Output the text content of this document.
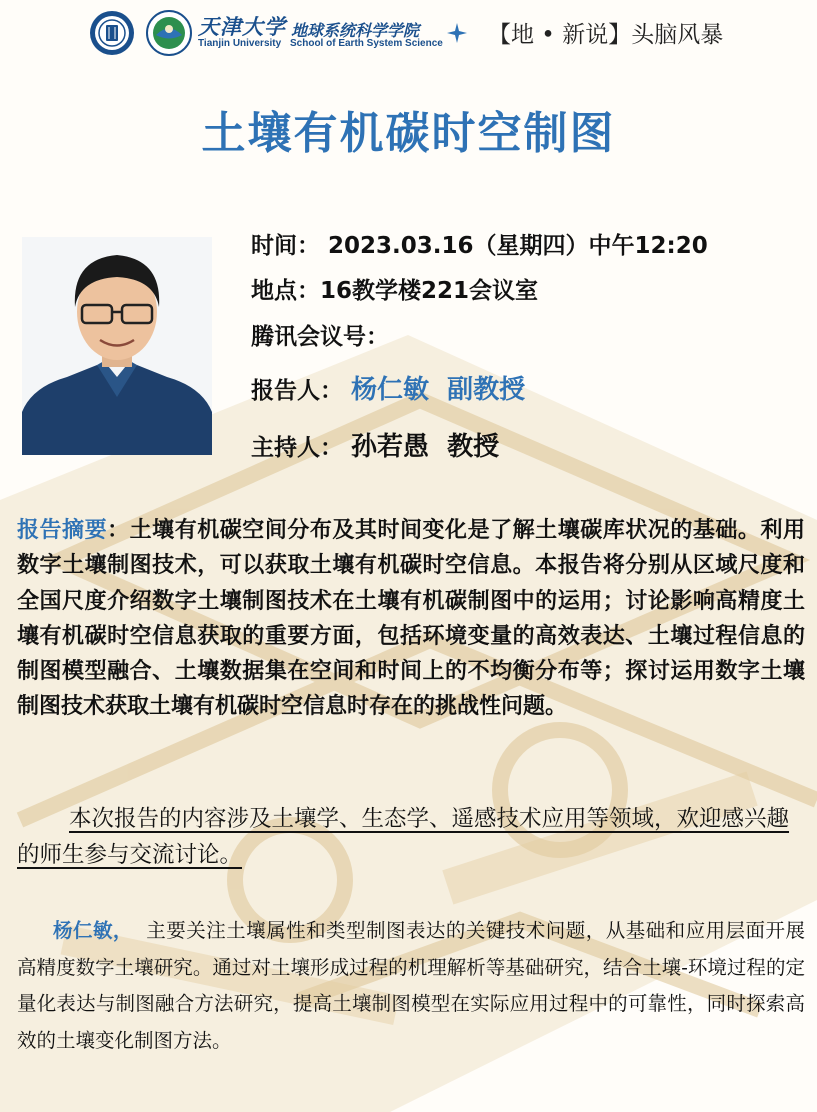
天津大学
Tianjin University
地球系统科学学院
School of Earth System Science 【地 • 新说】头脑风暴
土壤有机碳时空制图
时间： 2023.03.16（星期四）中午12:20
地点：16教学楼221会议室
腾讯会议号：
报告人： 杨仁敏  副教授
主持人： 孙若愚  教授
报告摘要：土壤有机碳空间分布及其时间变化是了解土壤碳库状况的基础。利用数字土壤制图技术，可以获取土壤有机碳时空信息。本报告将分别从区域尺度和全国尺度介绍数字土壤制图技术在土壤有机碳制图中的运用；讨论影响高精度土壤有机碳时空信息获取的重要方面，包括环境变量的高效表达、土壤过程信息的制图模型融合、土壤数据集在空间和时间上的不均衡分布等；探讨运用数字土壤制图技术获取土壤有机碳时空信息时存在的挑战性问题。
本次报告的内容涉及土壤学、生态学、遥感技术应用等领域，欢迎感兴趣的师生参与交流讨论。
杨仁敏， 主要关注土壤属性和类型制图表达的关键技术问题，从基础和应用层面开展高精度数字土壤研究。通过对土壤形成过程的机理解析等基础研究，结合土壤-环境过程的定量化表达与制图融合方法研究，提高土壤制图模型在实际应用过程中的可靠性，同时探索高效的土壤变化制图方法。
